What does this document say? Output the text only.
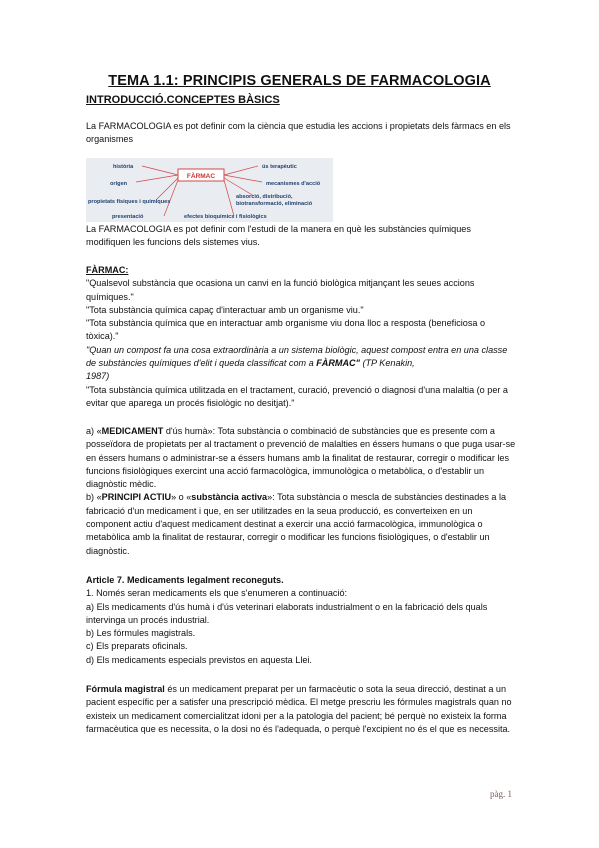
TEMA 1.1: PRINCIPIS GENERALS DE FARMACOLOGIA
INTRODUCCIÓ.CONCEPTES BÀSICS

La FARMACOLOGIA es pot definir com la ciència que estudia les accions i propietats dels fàrmacs en els organismes

FÀRMAC
història
origen
propietats físiques i químiques
presentació
ús terapèutic
mecanismes d'acció
absorció, distribució,
biotransformació, eliminació
efectes bioquímics i fisiològics

La FARMACOLOGIA es pot definir com l'estudi de la manera en què les substàncies químiques modifiquen les funcions dels sistemes vius.

FÀRMAC:

"Qualsevol substància que ocasiona un canvi en la funció biològica mitjançant les seues accions químiques."

"Tota substància química capaç d'interactuar amb un organisme viu."

"Tota substància química que en interactuar amb organisme viu dona lloc a resposta (beneficiosa o tòxica)."

"Quan un compost fa una cosa extraordinària a un sistema biològic, aquest compost entra en una classe de substàncies químiques d'elit i queda classificat com a FÀRMAC" (TP Kenakin,
1987)

"Tota substància química utilitzada en el tractament, curació, prevenció o diagnosi d'una malaltia (o per a evitar que aparega un procés fisiològic no desitjat)."

a) «MEDICAMENT d'ús humà»: Tota substància o combinació de substàncies que es presente com a posseïdora de propietats per al tractament o prevenció de malalties en éssers humans o que puga usar-se en éssers humans o administrar-se a éssers humans amb la finalitat de restaurar, corregir o modificar les funcions fisiològiques exercint una acció farmacològica, immunològica o metabòlica, o d'establir un diagnòstic mèdic.

b) «PRINCIPI ACTIU» o «substància activa»: Tota substància o mescla de substàncies destinades a la fabricació d'un medicament i que, en ser utilitzades en la seua producció, es converteixen en un component actiu d'aquest medicament destinat a exercir una acció farmacològica, immunològica o metabòlica amb la finalitat de restaurar, corregir o modificar les funcions fisiològiques, o d'establir un diagnòstic.

Article 7. Medicaments legalment reconeguts.

1. Només seran medicaments els que s'enumeren a continuació:

a) Els medicaments d'ús humà i d'ús veterinari elaborats industrialment o en la fabricació dels quals intervinga un procés industrial.

b) Les fórmules magistrals.

c) Els preparats oficinals.

d) Els medicaments especials previstos en aquesta Llei.

Fórmula magistral és un medicament preparat per un farmacèutic o sota la seua direcció, destinat a un pacient específic per a satisfer una prescripció mèdica. El metge prescriu les fórmules magistrals quan no existeix un medicament comercialitzat idoni per a la patologia del pacient; bé perquè no existeix la forma farmacèutica que es necessita, o la dosi no és l'adequada, o perquè l'excipient no és el que es necessita.

pàg. 1
